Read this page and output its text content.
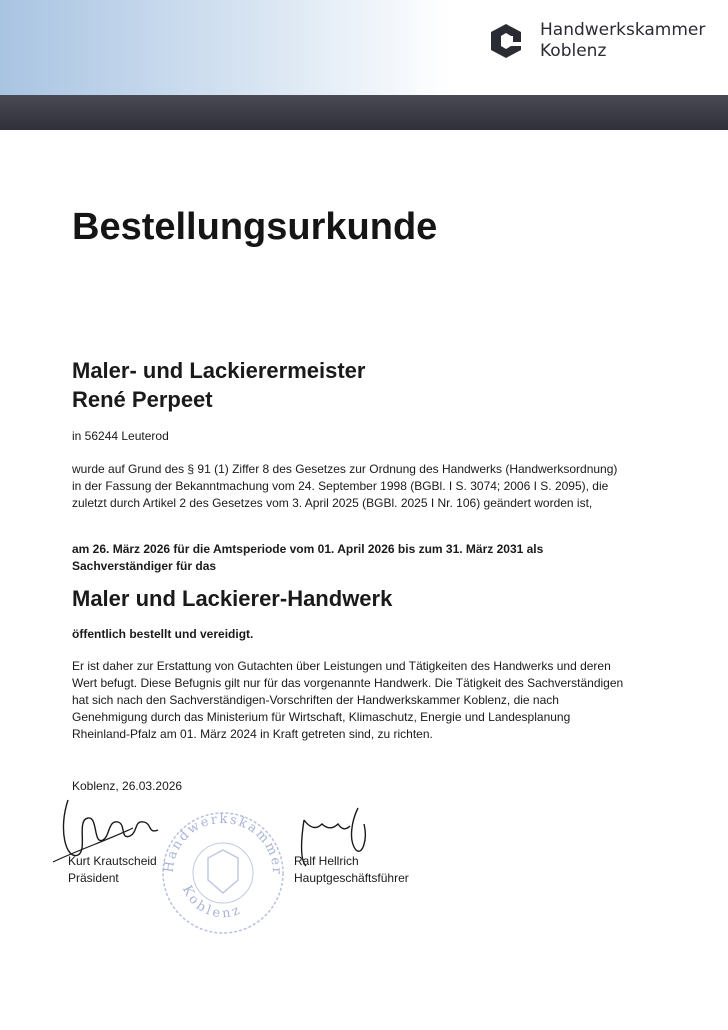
Handwerkskammer
Koblenz
Bestellungsurkunde
Maler- und Lackierermeister
René Perpeet
in 56244 Leuterod
wurde auf Grund des § 91 (1) Ziffer 8 des Gesetzes zur Ordnung des Handwerks (Handwerksordnung)
in der Fassung der Bekanntmachung vom 24. September 1998 (BGBl. I S. 3074; 2006 I S. 2095), die
zuletzt durch Artikel 2 des Gesetzes vom 3. April 2025 (BGBl. 2025 I Nr. 106) geändert worden ist,
am 26. März 2026 für die Amtsperiode vom 01. April 2026 bis zum 31. März 2031 als
Sachverständiger für das
Maler und Lackierer-Handwerk
öffentlich bestellt und vereidigt.
Er ist daher zur Erstattung von Gutachten über Leistungen und Tätigkeiten des Handwerks und deren
Wert befugt. Diese Befugnis gilt nur für das vorgenannte Handwerk. Die Tätigkeit des Sachverständigen
hat sich nach den Sachverständigen-Vorschriften der Handwerkskammer Koblenz, die nach
Genehmigung durch das Ministerium für Wirtschaft, Klimaschutz, Energie und Landesplanung
Rheinland-Pfalz am 01. März 2024 in Kraft getreten sind, zu richten.
Koblenz, 26.03.2026
Handwerkskammer
Koblenz
Kurt Krautscheid
Präsident
Ralf Hellrich
Hauptgeschäftsführer
